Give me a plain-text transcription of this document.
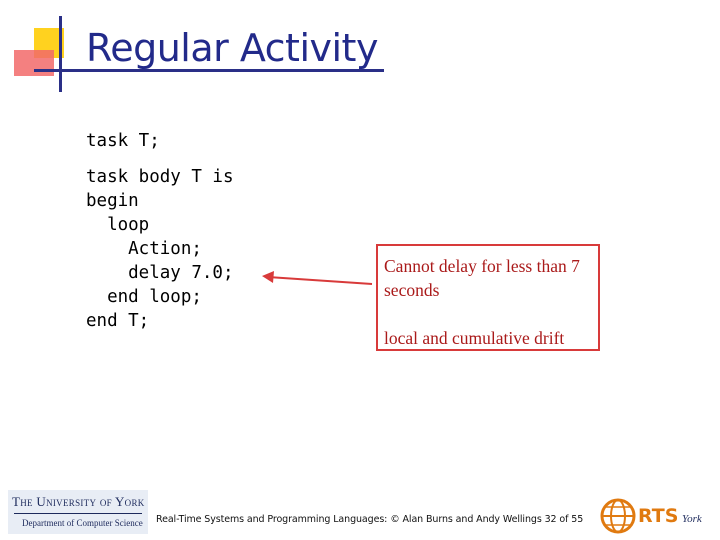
Regular Activity
task T;
task body T is
begin
loop
Action;
delay 7.0;
end loop;
end T;

Cannot delay for less than 7 seconds

local and cumulative drift

The University of York
Department of Computer Science Real-Time Systems and Programming Languages: © Alan Burns and Andy Wellings 32 of 55	RTS York
